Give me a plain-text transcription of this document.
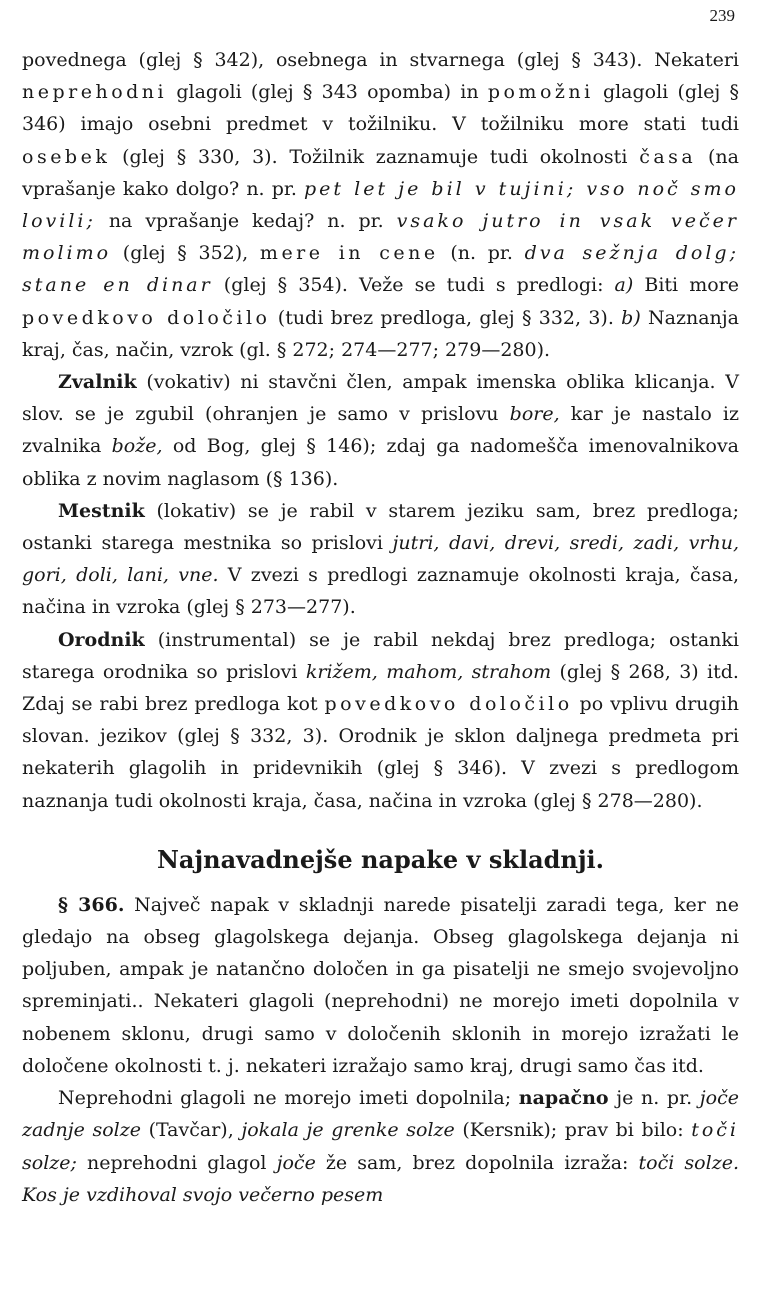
239

povednega (glej § 342), osebnega in stvarnega (glej § 343). Nekateri neprehodni glagoli (glej § 343 opomba) in pomožni glagoli (glej § 346) imajo osebni predmet v tožilniku. V tožilniku more stati tudi osebek (glej § 330, 3). Tožilnik zaznamuje tudi okolnosti časa (na vprašanje kako dolgo? n. pr. pet let je bil v tujini; vso noč smo lovili; na vprašanje kedaj? n. pr. vsako jutro in vsak večer molimo (glej § 352), mere in cene (n. pr. dva sežnja dolg; stane en dinar (glej § 354). Veže se tudi s predlogi: a) Biti more povedkovo določilo (tudi brez predloga, glej § 332, 3). b) Naznanja kraj, čas, način, vzrok (gl. § 272; 274—277; 279—280).

Zvalnik (vokativ) ni stavčni člen, ampak imenska oblika klicanja. V slov. se je zgubil (ohranjen je samo v prislovu bore, kar je nastalo iz zvalnika bože, od Bog, glej § 146); zdaj ga nadomešča imenovalnikova oblika z novim naglasom (§ 136).

Mestnik (lokativ) se je rabil v starem jeziku sam, brez predloga; ostanki starega mestnika so prislovi jutri, davi, drevi, sredi, zadi, vrhu, gori, doli, lani, vne. V zvezi s predlogi zaznamuje okolnosti kraja, časa, načina in vzroka (glej § 273—277).

Orodnik (instrumental) se je rabil nekdaj brez predloga; ostanki starega orodnika so prislovi križem, mahom, strahom (glej § 268, 3) itd. Zdaj se rabi brez predloga kot povedkovo določilo po vplivu drugih slovan. jezikov (glej § 332, 3). Orodnik je sklon daljnega predmeta pri nekaterih glagolih in pridevnikih (glej § 346). V zvezi s predlogom naznanja tudi okolnosti kraja, časa, načina in vzroka (glej § 278—280).

Najnavadnejše napake v skladnji.

§ 366. Največ napak v skladnji narede pisatelji zaradi tega, ker ne gledajo na obseg glagolskega dejanja. Obseg glagolskega dejanja ni poljuben, ampak je natančno določen in ga pisatelji ne smejo svojevoljno spreminjati.. Nekateri glagoli (neprehodni) ne morejo imeti dopolnila v nobenem sklonu, drugi samo v določenih sklonih in morejo izražati le določene okolnosti t. j. nekateri izražajo samo kraj, drugi samo čas itd.

Neprehodni glagoli ne morejo imeti dopolnila; napačno je n. pr. joče zadnje solze (Tavčar), jokala je grenke solze (Kersnik); prav bi bilo: toči solze; neprehodni glagol joče že sam, brez dopolnila izraža: toči solze. Kos je vzdihoval svojo večerno pesem
